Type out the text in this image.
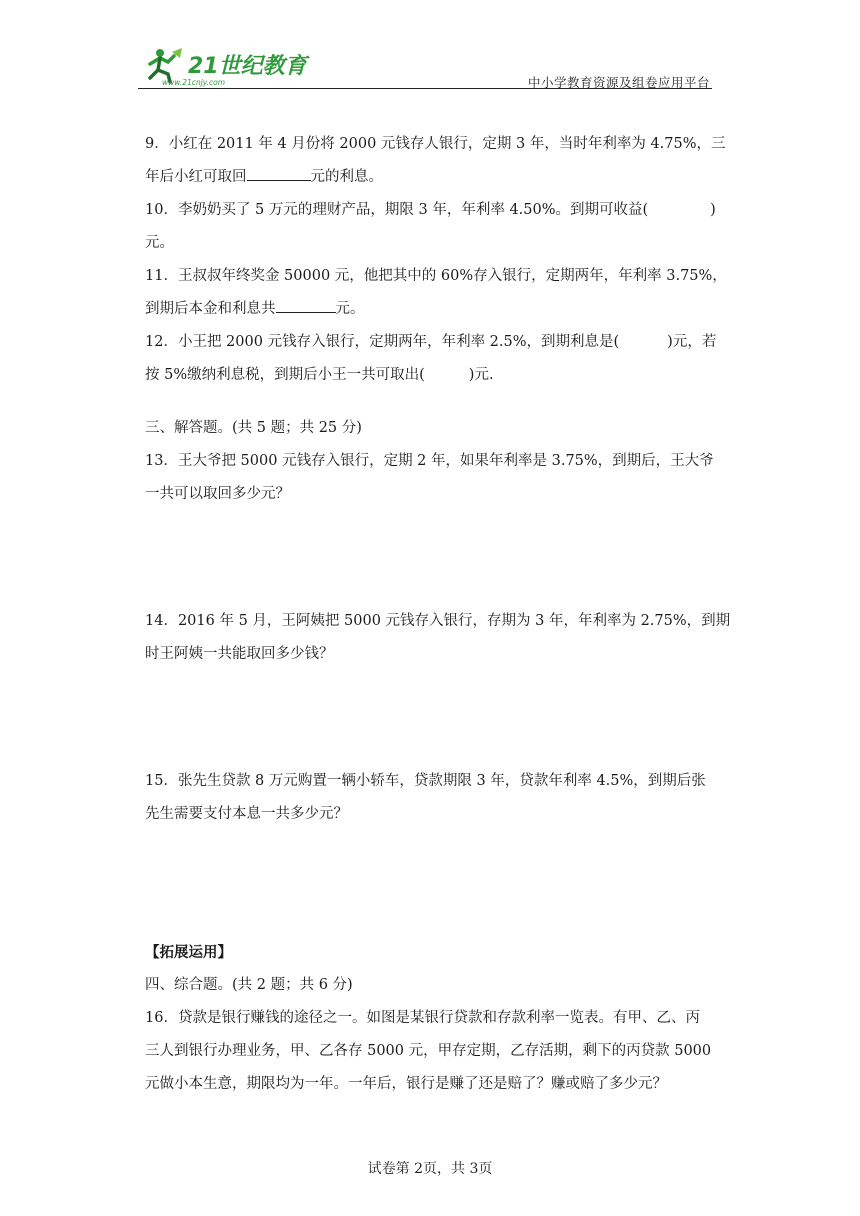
21世纪教育
www.21cnjy.com	中小学教育资源及组卷应用平台

9．小红在 2011 年 4 月份将 2000 元钱存人银行，定期 3 年，当时年利率为 4.75%，三
年后小红可取回	元的利息。

10．李奶奶买了 5 万元的理财产品，期限 3 年，年利率 4.50%。到期可收益(	)
元。

11．王叔叔年终奖金 50000 元，他把其中的 60%存入银行，定期两年，年利率 3.75%，
到期后本金和利息共	元。

12．小王把 2000 元钱存入银行，定期两年，年利率 2.5%，到期利息是(	)元，若
按 5%缴纳利息税，到期后小王一共可取出(	)元.

三、解答题。(共 5 题；共 25 分)

13．王大爷把 5000 元钱存入银行，定期 2 年，如果年利率是 3.75%，到期后，王大爷
一共可以取回多少元？

14．2016 年 5 月，王阿姨把 5000 元钱存入银行，存期为 3 年，年利率为 2.75%，到期
时王阿姨一共能取回多少钱？

15．张先生贷款 8 万元购置一辆小轿车，贷款期限 3 年，贷款年利率 4.5%，到期后张
先生需要支付本息一共多少元？

【拓展运用】

四、综合题。(共 2 题；共 6 分)

16．贷款是银行赚钱的途径之一。如图是某银行贷款和存款利率一览表。有甲、乙、丙
三人到银行办理业务，甲、乙各存 5000 元，甲存定期，乙存活期，剩下的丙贷款 5000
元做小本生意，期限均为一年。一年后，银行是赚了还是赔了？赚或赔了多少元？

试卷第 2页，共 3页
